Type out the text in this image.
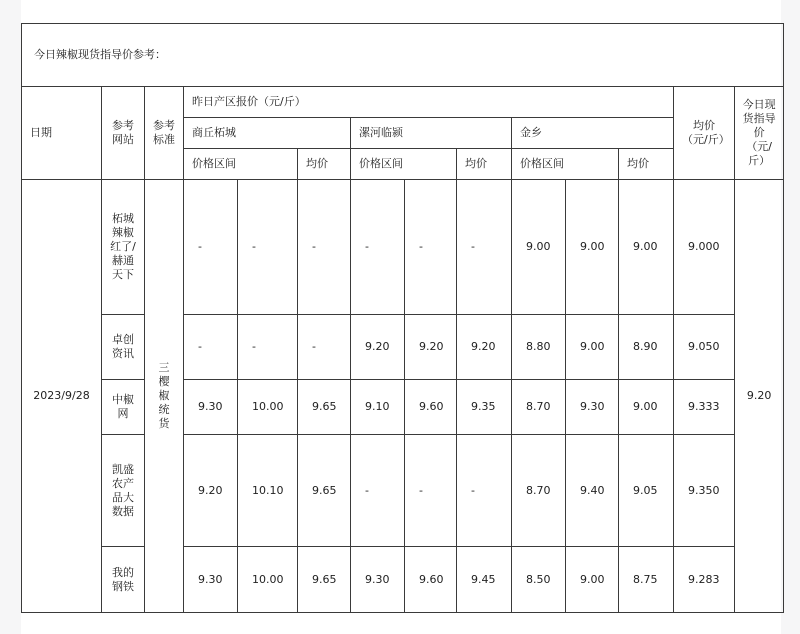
今日辣椒现货指导价参考：													
日期	参考网站	参考标准	昨日产区报价（元/斤）									均价（元/斤）	今日现货指导价（元/斤）
			商丘柘城			漯河临颍			金乡				
			价格区间		均价	价格区间		均价	价格区间		均价		
2023/9/28	柘城辣椒红了/赫通天下	三樱椒统货	-	-	-	-	-	-	9.00	9.00	9.00	9.000	9.20
	卓创资讯		-	-	-	9.20	9.20	9.20	8.80	9.00	8.90	9.050	
	中椒网		9.30	10.00	9.65	9.10	9.60	9.35	8.70	9.30	9.00	9.333	
	凯盛农产品大数据		9.20	10.10	9.65	-	-	-	8.70	9.40	9.05	9.350	
	我的钢铁		9.30	10.00	9.65	9.30	9.60	9.45	8.50	9.00	8.75	9.283	
